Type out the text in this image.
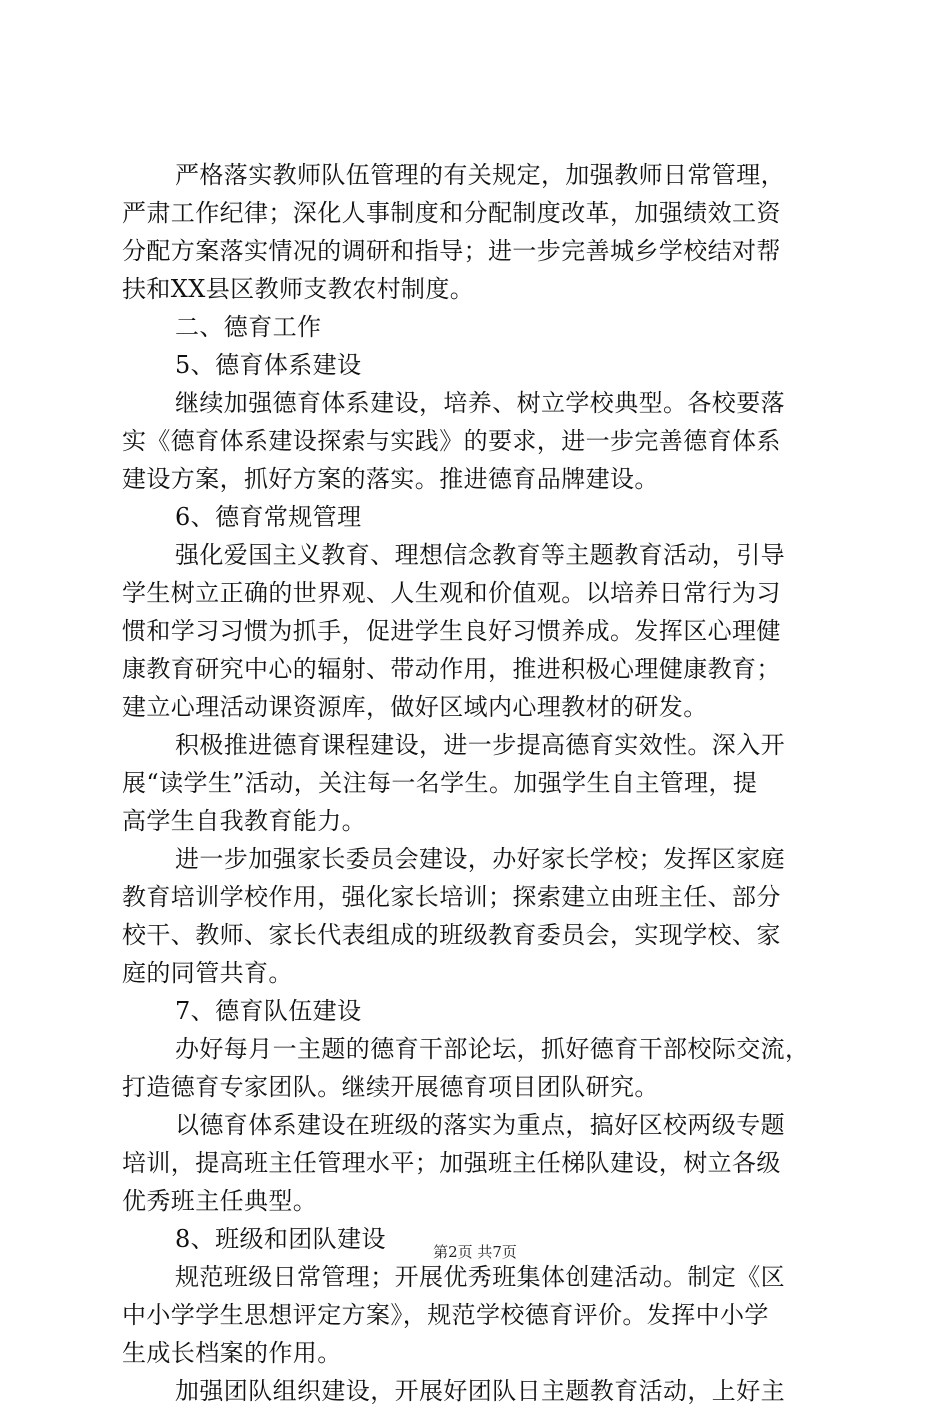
严格落实教师队伍管理的有关规定，加强教师日常管理，
严肃工作纪律；深化人事制度和分配制度改革，加强绩效工资
分配方案落实情况的调研和指导；进一步完善城乡学校结对帮
扶和XX县区教师支教农村制度。
二、德育工作
5、德育体系建设
继续加强德育体系建设，培养、树立学校典型。各校要落
实《德育体系建设探索与实践》的要求，进一步完善德育体系
建设方案，抓好方案的落实。推进德育品牌建设。
6、德育常规管理
强化爱国主义教育、理想信念教育等主题教育活动，引导
学生树立正确的世界观、人生观和价值观。以培养日常行为习
惯和学习习惯为抓手，促进学生良好习惯养成。发挥区心理健
康教育研究中心的辐射、带动作用，推进积极心理健康教育；
建立心理活动课资源库，做好区域内心理教材的研发。
积极推进德育课程建设，进一步提高德育实效性。深入开
展“读学生”活动，关注每一名学生。加强学生自主管理，提
高学生自我教育能力。
进一步加强家长委员会建设，办好家长学校；发挥区家庭
教育培训学校作用，强化家长培训；探索建立由班主任、部分
校干、教师、家长代表组成的班级教育委员会，实现学校、家
庭的同管共育。
7、德育队伍建设
办好每月一主题的德育干部论坛，抓好德育干部校际交流，
打造德育专家团队。继续开展德育项目团队研究。
以德育体系建设在班级的落实为重点，搞好区校两级专题
培训，提高班主任管理水平；加强班主任梯队建设，树立各级
优秀班主任典型。
8、班级和团队建设
规范班级日常管理；开展优秀班集体创建活动。制定《区
中小学学生思想评定方案》，规范学校德育评价。发挥中小学
生成长档案的作用。
加强团队组织建设，开展好团队日主题教育活动，上好主
第2页 共7页
